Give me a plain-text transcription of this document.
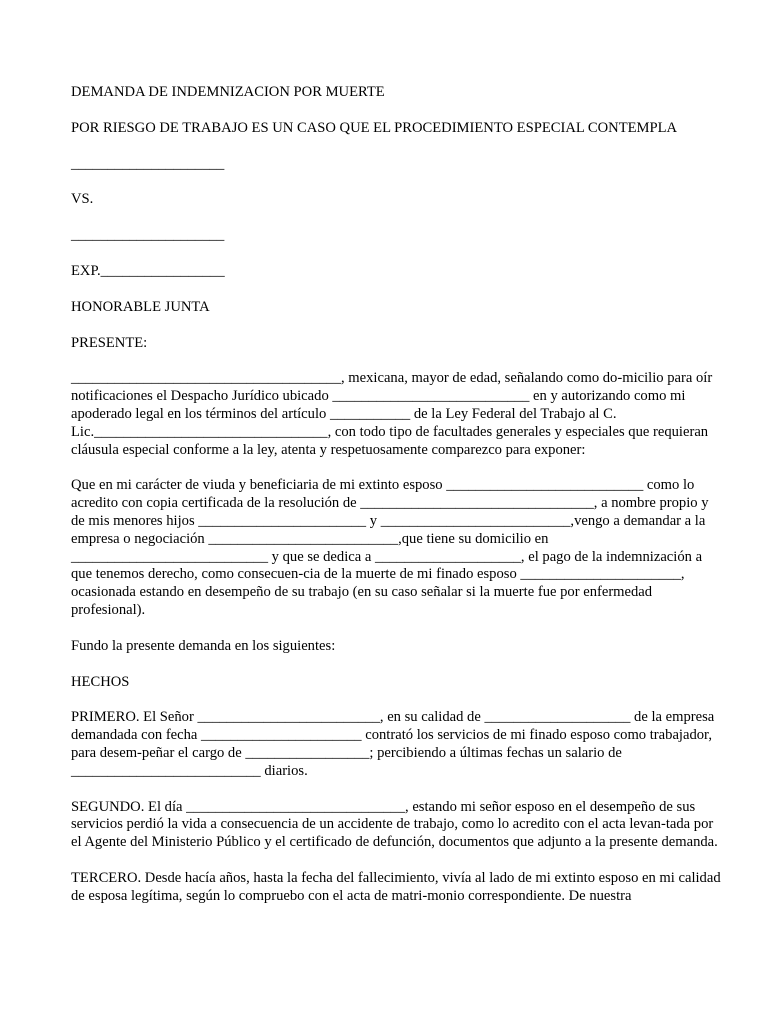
DEMANDA DE INDEMNIZACION POR MUERTE

POR RIESGO DE TRABAJO ES UN CASO QUE EL PROCEDIMIENTO ESPECIAL CONTEMPLA

_____________________

VS.

_____________________

EXP._________________

HONORABLE JUNTA

PRESENTE:

_____________________________________, mexicana, mayor de edad, señalando como do-micilio para oír notificaciones el Despacho Jurídico ubicado ___________________________ en y autorizando como mi apoderado legal en los términos del artículo ___________ de la Ley Federal del Trabajo al C. Lic.________________________________, con todo tipo de facultades generales y especiales que requieran cláusula especial conforme a la ley, atenta y respetuosamente comparezco para exponer:

Que en mi carácter de viuda y beneficiaria de mi extinto esposo ___________________________ como lo acredito con copia certificada de la resolución de ________________________________, a nombre propio y de mis menores hijos _______________________ y __________________________,vengo a demandar a la empresa o negociación __________________________,que tiene su domicilio en ___________________________ y que se dedica a ____________________, el pago de la indemnización a que tenemos derecho, como consecuen-cia de la muerte de mi finado esposo ______________________, ocasionada estando en desempeño de su trabajo (en su caso señalar si la muerte fue por enfermedad profesional).

Fundo la presente demanda en los siguientes:

HECHOS

PRIMERO. El Señor _________________________, en su calidad de ____________________ de la empresa demandada con fecha ______________________ contrató los servicios de mi finado esposo como trabajador, para desem-peñar el cargo de _________________; percibiendo a últimas fechas un salario de __________________________ diarios.

SEGUNDO. El día ______________________________, estando mi señor esposo en el desempeño de sus servicios perdió la vida a consecuencia de un accidente de trabajo, como lo acredito con el acta levan-tada por el Agente del Ministerio Público y el certificado de defunción, documentos que adjunto a la presente demanda.

TERCERO. Desde hacía años, hasta la fecha del fallecimiento, vivía al lado de mi extinto esposo en mi calidad de esposa legítima, según lo compruebo con el acta de matri-monio correspondiente. De nuestra
